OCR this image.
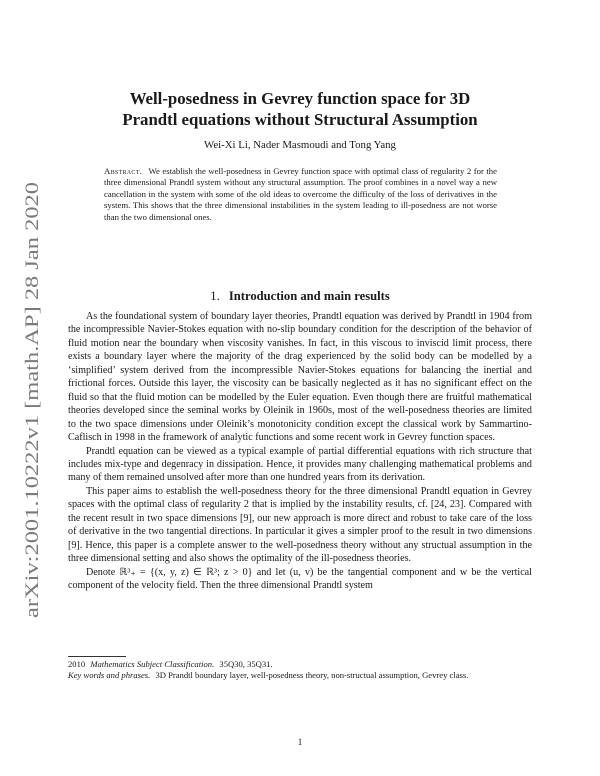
arXiv:2001.10222v1 [math.AP] 28 Jan 2020
Well-posedness in Gevrey function space for 3D
Prandtl equations without Structural Assumption
Wei-Xi Li, Nader Masmoudi and Tong Yang
Abstract. We establish the well-posedness in Gevrey function space with optimal class of regularity 2 for the three dimensional Prandtl system without any structural assumption. The proof combines in a novel way a new cancellation in the system with some of the old ideas to overcome the difficulty of the loss of derivatives in the system. This shows that the three dimensional instabilities in the system leading to ill-posedness are not worse than the two dimensional ones.
1. Introduction and main results

As the foundational system of boundary layer theories, Prandtl equation was derived by Prandtl in 1904 from the incompressible Navier-Stokes equation with no-slip boundary condition for the description of the behavior of fluid motion near the boundary when viscosity vanishes. In fact, in this viscous to inviscid limit process, there exists a boundary layer where the majority of the drag experienced by the solid body can be modelled by a ‘simplified’ system derived from the incompressible Navier-Stokes equations for balancing the inertial and frictional forces. Outside this layer, the viscosity can be basically neglected as it has no significant effect on the fluid so that the fluid motion can be modelled by the Euler equation. Even though there are fruitful mathematical theories developed since the seminal works by Oleinik in 1960s, most of the well-posedness theories are limited to the two space dimensions under Oleinik’s monotonicity condition except the classical work by Sammartino-Caflisch in 1998 in the framework of analytic functions and some recent work in Gevrey function spaces.

Prandtl equation can be viewed as a typical example of partial differential equations with rich structure that includes mix-type and degenracy in dissipation. Hence, it provides many challenging mathematical problems and many of them remained unsolved after more than one hundred years from its derivation.

This paper aims to establish the well-posedness theory for the three dimensional Prandtl equation in Gevrey spaces with the optimal class of regularity 2 that is implied by the instability results, cf. [24, 23]. Compared with the recent result in two space dimensions [9], our new approach is more direct and robust to take care of the loss of derivative in the two tangential directions. In particular it gives a simpler proof to the result in two dimensions [9]. Hence, this paper is a complete answer to the well-posedness theory without any structual assumption in the three dimensional setting and also shows the optimality of the ill-posedness theories.

Denote ℝ³₊ = {(x, y, z) ∈ ℝ³; z > 0} and let (u, v) be the tangential component and w be the vertical component of the velocity field. Then the three dimensional Prandtl system

2010 Mathematics Subject Classification. 35Q30, 35Q31.

Key words and phrases. 3D Prandtl boundary layer, well-posedness theory, non-structual assumption, Gevrey class.

1
